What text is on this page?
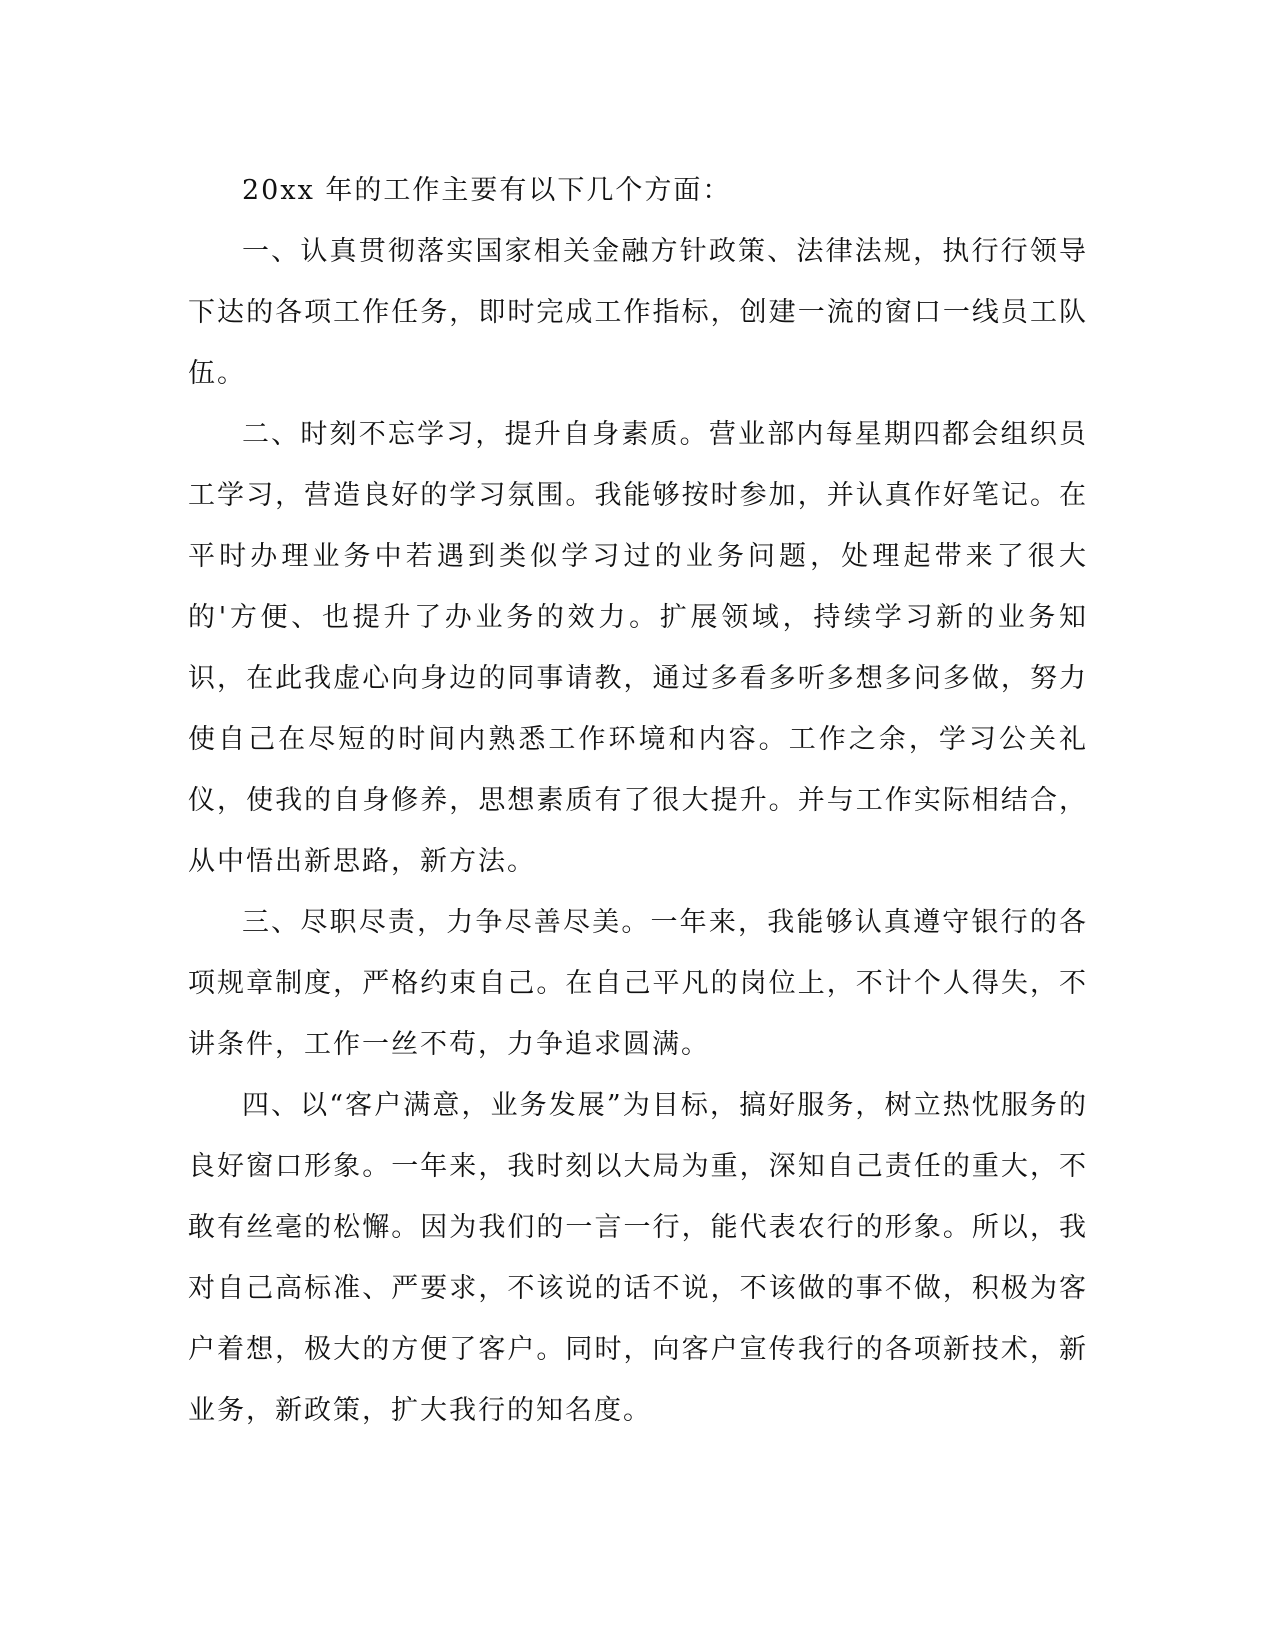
20xx 年的工作主要有以下几个方面：

一、认真贯彻落实国家相关金融方针政策、法律法规，执行行领导下达的各项工作任务，即时完成工作指标，创建一流的窗口一线员工队伍。

二、时刻不忘学习，提升自身素质。营业部内每星期四都会组织员工学习，营造良好的学习氛围。我能够按时参加，并认真作好笔记。在平时办理业务中若遇到类似学习过的业务问题，处理起带来了很大的'方便、也提升了办业务的效力。扩展领域，持续学习新的业务知识，在此我虚心向身边的同事请教，通过多看多听多想多问多做，努力使自己在尽短的时间内熟悉工作环境和内容。工作之余，学习公关礼仪，使我的自身修养，思想素质有了很大提升。并与工作实际相结合，从中悟出新思路，新方法。

三、尽职尽责，力争尽善尽美。一年来，我能够认真遵守银行的各项规章制度，严格约束自己。在自己平凡的岗位上，不计个人得失，不讲条件，工作一丝不苟，力争追求圆满。

四、以“客户满意，业务发展”为目标，搞好服务，树立热忱服务的良好窗口形象。一年来，我时刻以大局为重，深知自己责任的重大，不敢有丝毫的松懈。因为我们的一言一行，能代表农行的形象。所以，我对自己高标准、严要求，不该说的话不说，不该做的事不做，积极为客户着想，极大的方便了客户。同时，向客户宣传我行的各项新技术，新业务，新政策，扩大我行的知名度。
